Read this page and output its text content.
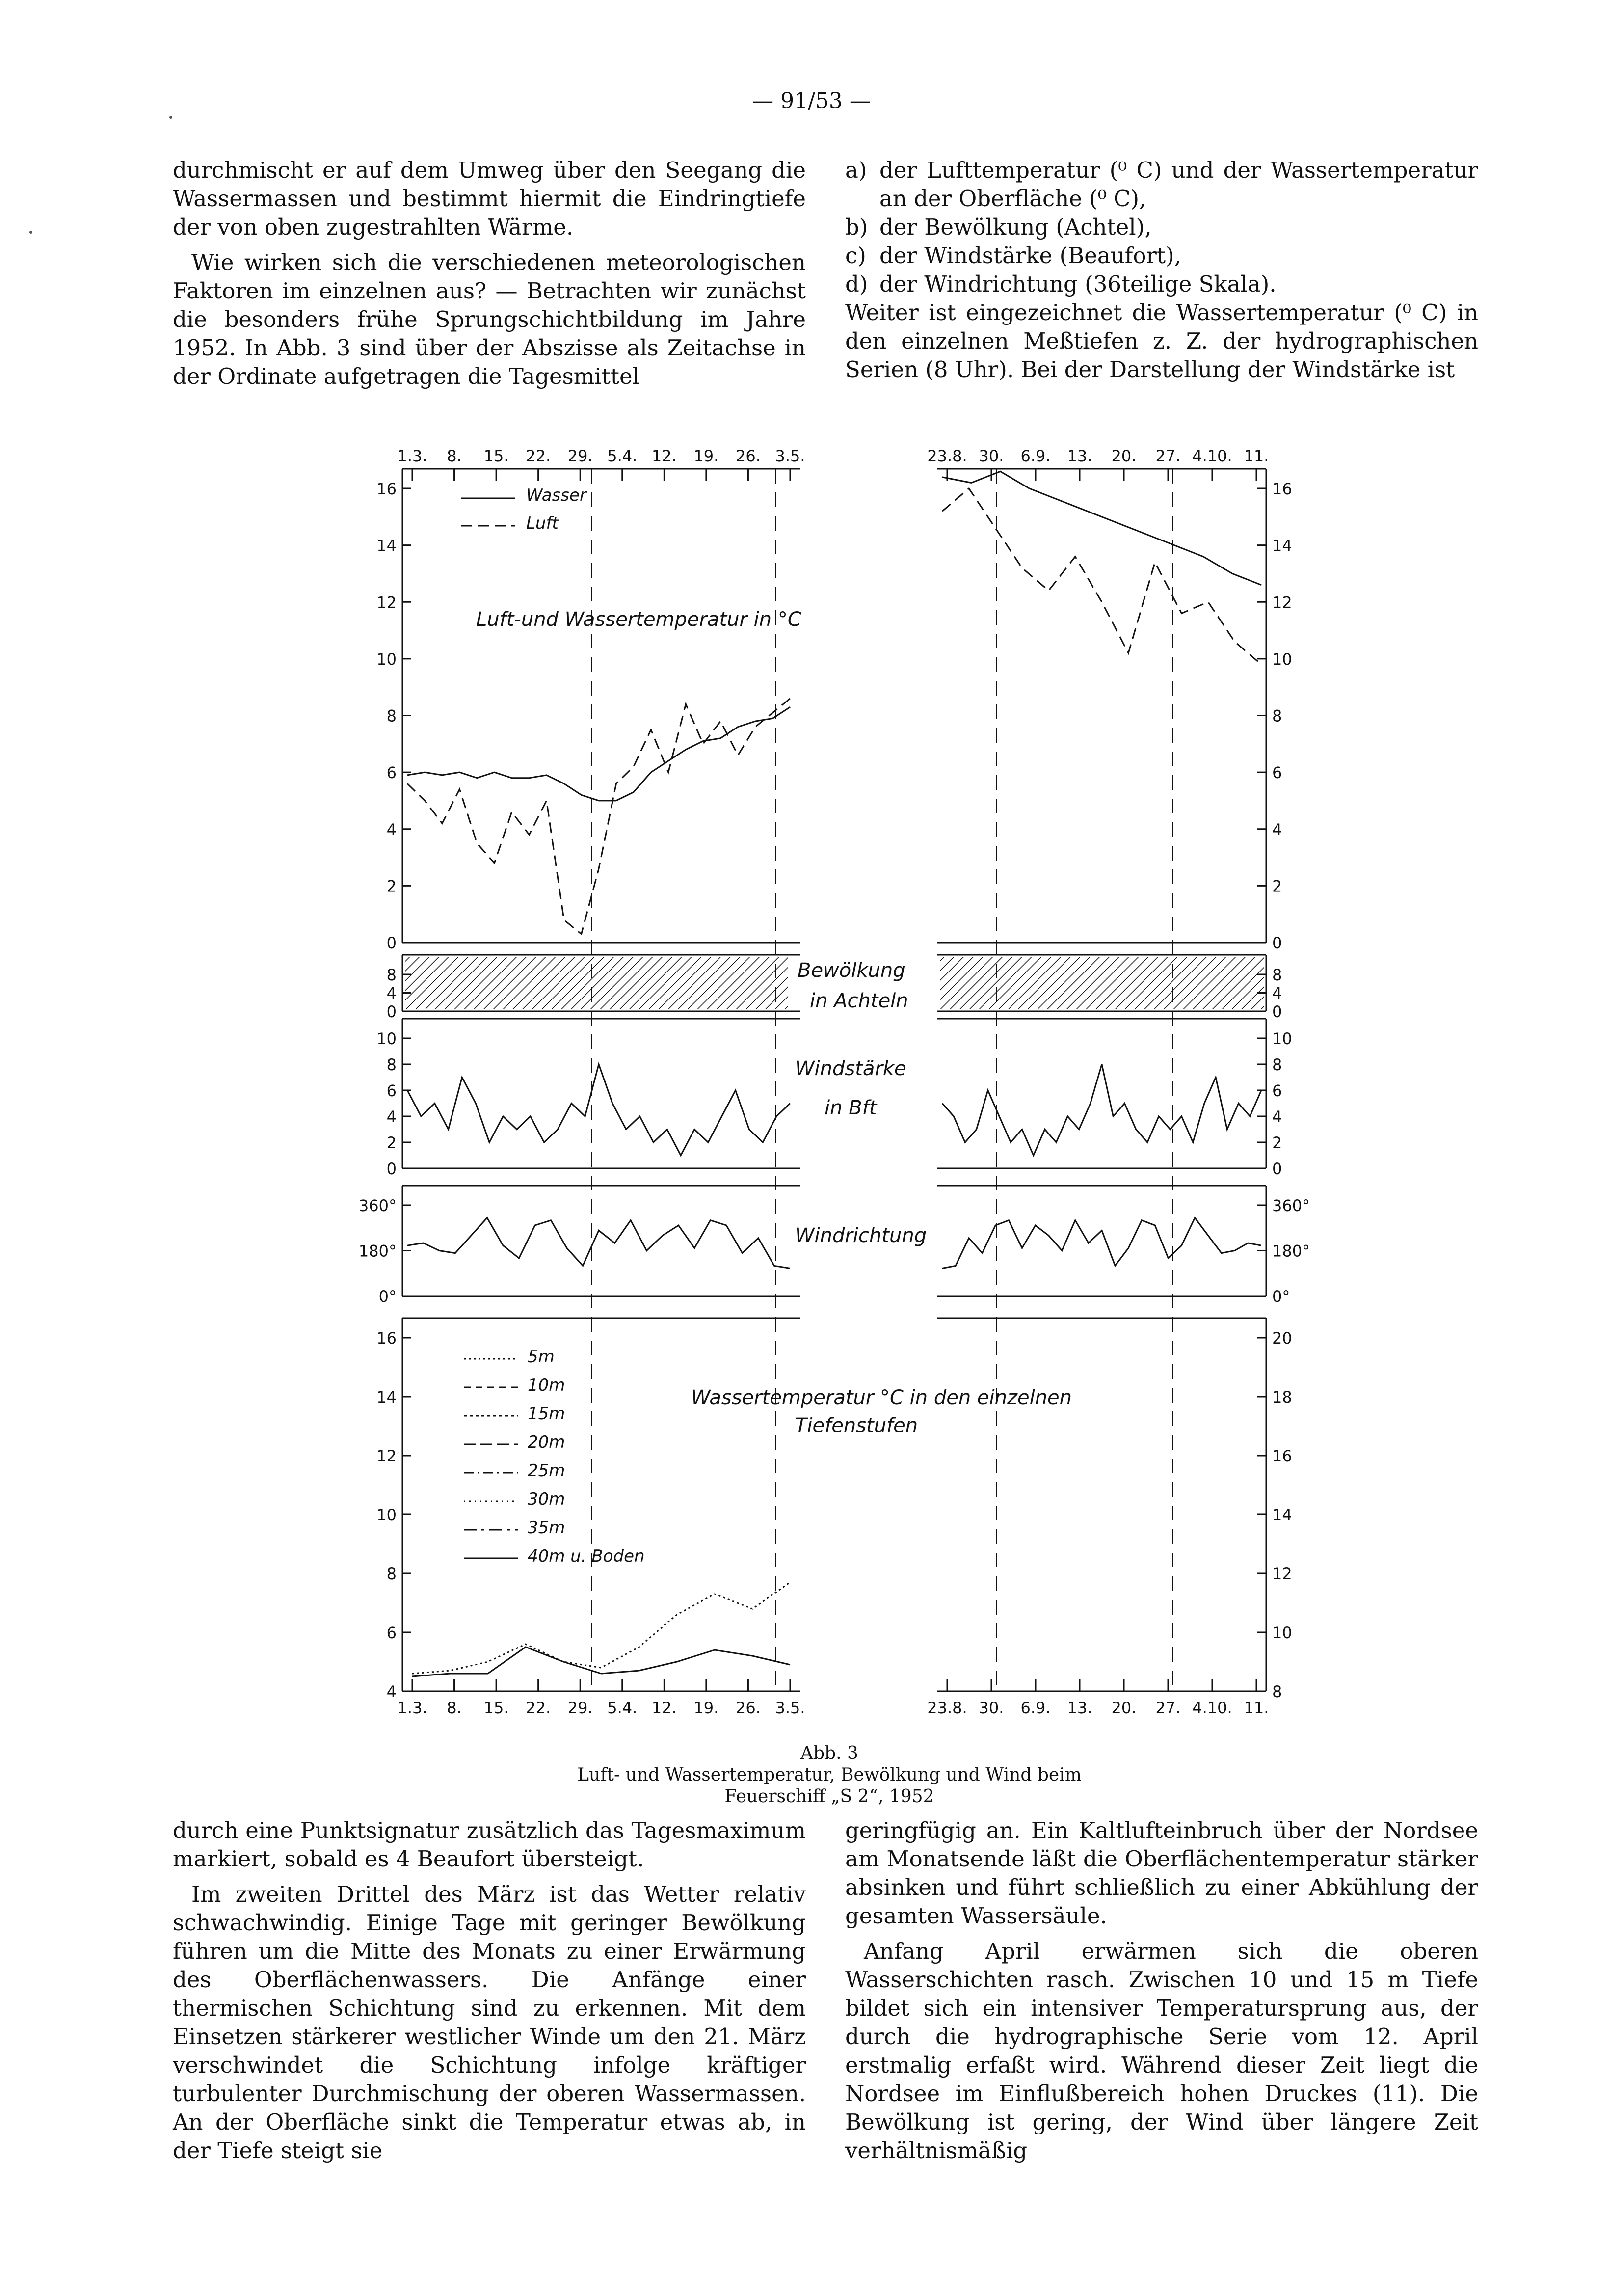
— 91/53 —

durchmischt er auf dem Umweg über den Seegang die Wassermassen und bestimmt hiermit die Eindringtiefe der von oben zugestrahlten Wärme.

Wie wirken sich die verschiedenen meteorologischen Faktoren im einzelnen aus? — Betrachten wir zunächst die besonders frühe Sprungschichtbildung im Jahre 1952. In Abb. 3 sind über der Abszisse als Zeitachse in der Ordinate aufgetragen die Tagesmittel

a) der Lufttemperatur (⁰ C) und der Wassertemperatur an der Oberfläche (⁰ C),
b) der Bewölkung (Achtel),
c) der Windstärke (Beaufort),
d) der Windrichtung (36teilige Skala).

Weiter ist eingezeichnet die Wassertemperatur (⁰ C) in den einzelnen Meßtiefen z. Z. der hydrographischen Serien (8 Uhr). Bei der Darstellung der Windstärke ist

1.3.
1.3.
8.
8.
15.
15.
22.
22.
29.
29.
5.4.
5.4.
12.
12.
19.
19.
26.
26.
3.5.
3.5.
23.8.
23.8.
30.
30.
6.9.
6.9.
13.
13.
20.
20.
27.
27.
4.10.
4.10.
11.
11.
0	0
2	2
4	4
6	6
8	8
10	10
12	12
14	14
16	16
0	0
4	4
8	8
0	0
2	2
4	4
6	6
8	8
10	10
0°	0°
180°	180°
360°	360°
4	8
6	10
8	12
10	14
12	16
14	18
16	20
Wasser
Luft
Luft-und Wassertemperatur in °C
Bewölkung
in Achteln
Windstärke
in Bft
Windrichtung
Wassertemperatur °C in den einzelnen
Tiefenstufen
5m
10m
15m
20m
25m
30m
35m
40m u. Boden
Abb. 3
Luft- und Wassertemperatur, Bewölkung und Wind beim
Feuerschiff „S 2“, 1952

durch eine Punktsignatur zusätzlich das Tagesmaximum markiert, sobald es 4 Beaufort übersteigt.

Im zweiten Drittel des März ist das Wetter relativ schwachwindig. Einige Tage mit geringer Bewölkung führen um die Mitte des Monats zu einer Erwärmung des Oberflächenwassers. Die Anfänge einer thermischen Schichtung sind zu erkennen. Mit dem Einsetzen stärkerer westlicher Winde um den 21. März verschwindet die Schichtung infolge kräftiger turbulenter Durchmischung der oberen Wassermassen. An der Oberfläche sinkt die Temperatur etwas ab, in der Tiefe steigt sie

geringfügig an. Ein Kaltlufteinbruch über der Nordsee am Monatsende läßt die Oberflächentemperatur stärker absinken und führt schließlich zu einer Abkühlung der gesamten Wassersäule.

Anfang April erwärmen sich die oberen Wasserschichten rasch. Zwischen 10 und 15 m Tiefe bildet sich ein intensiver Temperatursprung aus, der durch die hydrographische Serie vom 12. April erstmalig erfaßt wird. Während dieser Zeit liegt die Nordsee im Einflußbereich hohen Druckes (11). Die Bewölkung ist gering, der Wind über längere Zeit verhältnismäßig
